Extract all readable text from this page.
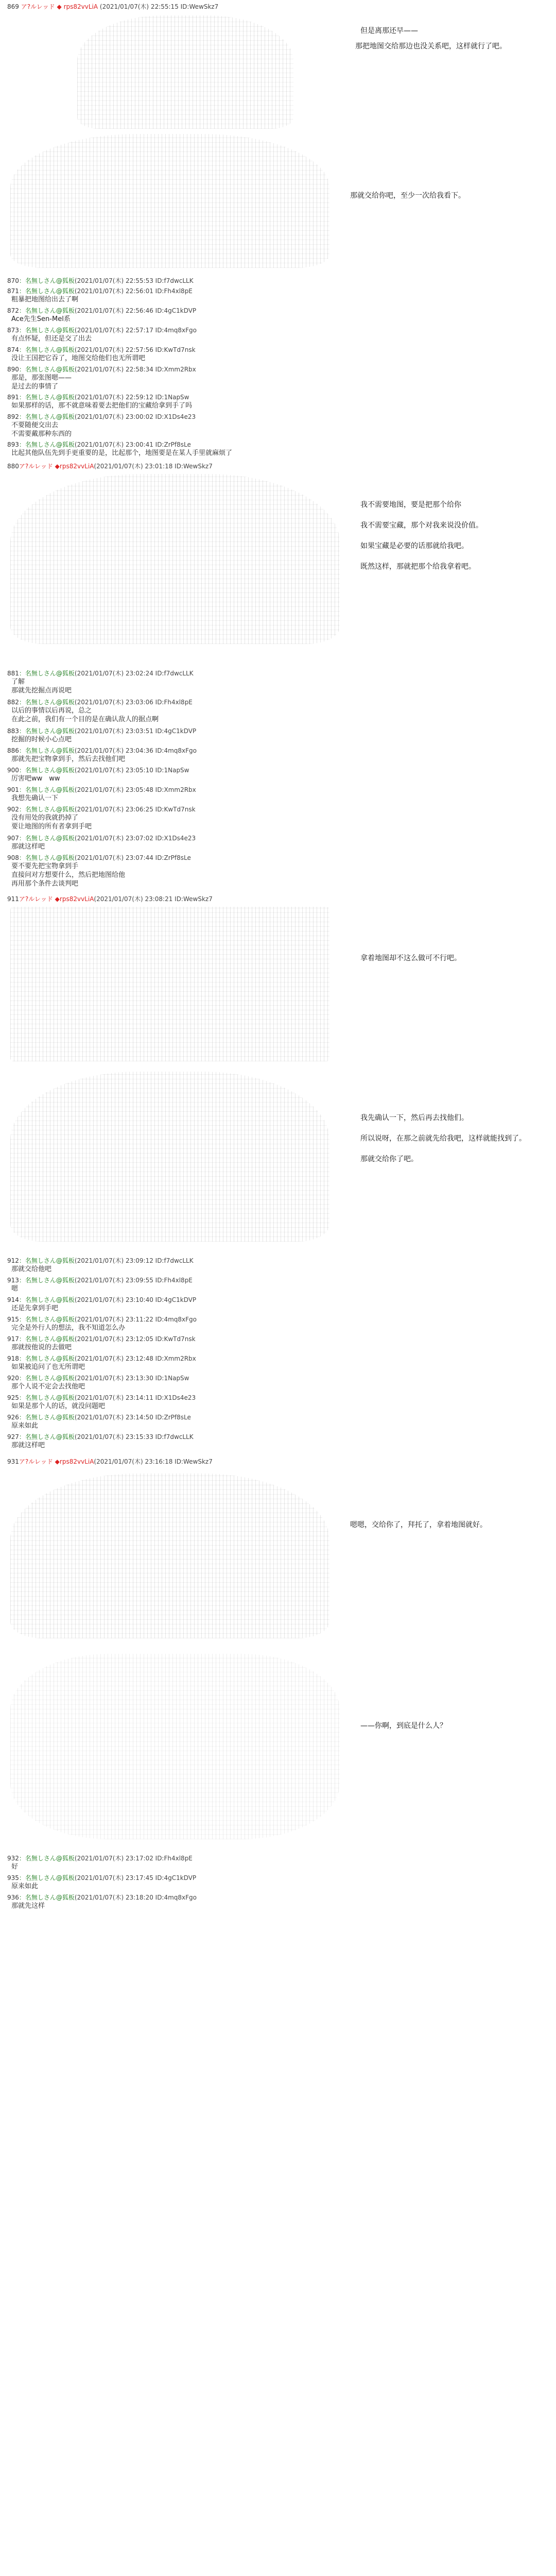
869 ア?ルレッド ◆ rps82vvLiA (2021/01/07(木) 22:55:15 ID:WewSkz7
但是离那还早——
那把地图交给那边也没关系吧，这样就行了吧。
那就交给你吧，至少一次给我看下。
870：名無しさん@狐板(2021/01/07(木) 22:55:53 ID:f7dwcLLK
871：名無しさん@狐板(2021/01/07(木) 22:56:01 ID:Fh4xl8pE
粗暴把地图给出去了啊
872：名無しさん@狐板(2021/01/07(木) 22:56:46 ID:4gC1kDVP
Ace先生Sen-Mel系
873：名無しさん@狐板(2021/01/07(木) 22:57:17 ID:4mq8xFgo
有点怀疑，但还是交了出去
874：名無しさん@狐板(2021/01/07(木) 22:57:56 ID:KwTd7nsk
没让王国把它吞了，地图交给他们也无所谓吧
890：名無しさん@狐板(2021/01/07(木) 22:58:34 ID:Xmm2Rbx
那是，那张图嗯——
是过去的事情了
891：名無しさん@狐板(2021/01/07(木) 22:59:12 ID:1NapSw
如果那样的话，那不就意味着要去把他们的宝藏给拿到手了吗
892：名無しさん@狐板(2021/01/07(木) 23:00:02 ID:X1Ds4e23
不要随便交出去
不需要戴那种东西的
893：名無しさん@狐板(2021/01/07(木) 23:00:41 ID:ZrPf8sLe
比起其他队伍先到手更重要的是，比起那个，地图要是在某人手里就麻烦了
880ア?ルレッド ◆rps82vvLiA(2021/01/07(木) 23:01:18 ID:WewSkz7
我不需要地图，要是把那个给你
我不需要宝藏，那个对我来说没价值。
如果宝藏是必要的话那就给我吧。
既然这样，那就把那个给我拿着吧。
881：名無しさん@狐板(2021/01/07(木) 23:02:24 ID:f7dwcLLK
了解
那就先挖掘点再说吧
882：名無しさん@狐板(2021/01/07(木) 23:03:06 ID:Fh4xl8pE
以后的事情以后再说，总之
在此之前，我们有一个目的是在确认敌人的据点啊
883：名無しさん@狐板(2021/01/07(木) 23:03:51 ID:4gC1kDVP
挖掘的时候小心点吧
886：名無しさん@狐板(2021/01/07(木) 23:04:36 ID:4mq8xFgo
那就先把宝物拿到手，然后去找他们吧
900：名無しさん@狐板(2021/01/07(木) 23:05:10 ID:1NapSw
厉害吧ww　ww
901：名無しさん@狐板(2021/01/07(木) 23:05:48 ID:Xmm2Rbx
我想先确认一下
902：名無しさん@狐板(2021/01/07(木) 23:06:25 ID:KwTd7nsk
没有用处的我就扔掉了
要让地图的所有者拿到手吧
907：名無しさん@狐板(2021/01/07(木) 23:07:02 ID:X1Ds4e23
那就这样吧
908：名無しさん@狐板(2021/01/07(木) 23:07:44 ID:ZrPf8sLe
要不要先把宝物拿到手
直接问对方想要什么，然后把地图给他
再用那个条件去谈判吧
911ア?ルレッド ◆rps82vvLiA(2021/01/07(木) 23:08:21 ID:WewSkz7
拿着地图却不这么做可不行吧。
我先确认一下，然后再去找他们。
所以说呀，在那之前就先给我吧，这样就能找到了。
那就交给你了吧。
912：名無しさん@狐板(2021/01/07(木) 23:09:12 ID:f7dwcLLK
那就交给他吧
913：名無しさん@狐板(2021/01/07(木) 23:09:55 ID:Fh4xl8pE
嗯
914：名無しさん@狐板(2021/01/07(木) 23:10:40 ID:4gC1kDVP
还是先拿到手吧
915：名無しさん@狐板(2021/01/07(木) 23:11:22 ID:4mq8xFgo
完全是外行人的想法，我不知道怎么办
917：名無しさん@狐板(2021/01/07(木) 23:12:05 ID:KwTd7nsk
那就按他说的去做吧
918：名無しさん@狐板(2021/01/07(木) 23:12:48 ID:Xmm2Rbx
如果被追问了也无所谓吧
920：名無しさん@狐板(2021/01/07(木) 23:13:30 ID:1NapSw
那个人说不定会去找他吧
925：名無しさん@狐板(2021/01/07(木) 23:14:11 ID:X1Ds4e23
如果是那个人的话，就没问题吧
926：名無しさん@狐板(2021/01/07(木) 23:14:50 ID:ZrPf8sLe
原来如此
927：名無しさん@狐板(2021/01/07(木) 23:15:33 ID:f7dwcLLK
那就这样吧
931ア?ルレッド ◆rps82vvLiA(2021/01/07(木) 23:16:18 ID:WewSkz7
嗯嗯，交给你了，拜托了，拿着地图就好。
——你啊，到底是什么人？
932：名無しさん@狐板(2021/01/07(木) 23:17:02 ID:Fh4xl8pE
好
935：名無しさん@狐板(2021/01/07(木) 23:17:45 ID:4gC1kDVP
原来如此
936：名無しさん@狐板(2021/01/07(木) 23:18:20 ID:4mq8xFgo
那就先这样
